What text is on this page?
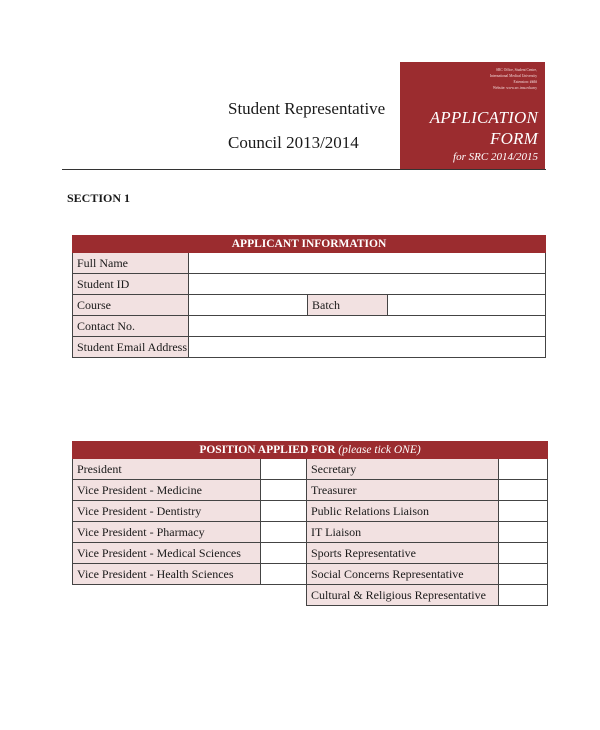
Student Representative
Council 2013/2014
SRC Office, Student Centre,
International Medical University
Extension: ####
Website: www.src.imu.edu.my
APPLICATION
FORM
for SRC 2014/2015
SECTION 1
APPLICANT INFORMATION			
Full Name			
Student ID			
Course		Batch	
Contact No.			
Student Email Address			
POSITION APPLIED FOR (please tick ONE)			
President		Secretary	
Vice President - Medicine		Treasurer	
Vice President - Dentistry		Public Relations Liaison	
Vice President - Pharmacy		IT Liaison	
Vice President - Medical Sciences		Sports Representative	
Vice President - Health Sciences		Social Concerns Representative	
		Cultural & Religious Representative	
